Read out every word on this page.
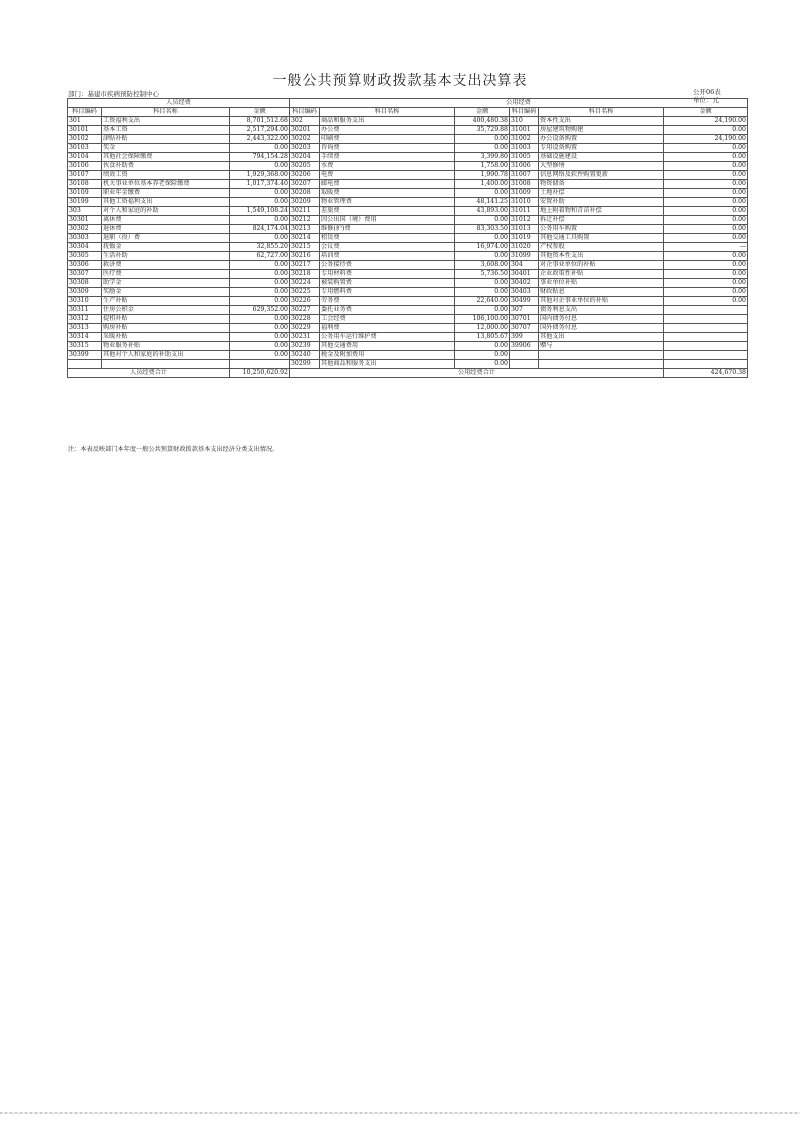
一般公共预算财政拨款基本支出决算表
部门：基建市疾病预防控制中心	公开06表
单位：元
人员经费			公用经费					
科目编码	科目名称	金额	科目编码	科目名称	金额	科目编码	科目名称	金额
301	工资福利支出	8,701,512.68	302	商品和服务支出	400,480.38	310	资本性支出	24,190.00
30101	基本工资	2,517,294.00	30201	办公费	35,729.88	31001	房屋建筑物购建	0.00
30102	津贴补贴	2,443,322.00	30202	印刷费	0.00	31002	办公设备购置	24,190.00
30103	奖金	0.00	30203	咨询费	0.00	31003	专用设备购置	0.00
30104	其他社会保障缴费	794,154.28	30204	手续费	3,399.80	31005	基础设施建设	0.00
30106	伙食补助费	0.00	30205	水费	1,758.00	31006	大型修缮	0.00
30107	绩效工资	1,929,368.00	30206	电费	1,990.78	31007	信息网络及软件购置更新	0.00
30108	机关事业单位基本养老保险缴费	1,017,374.40	30207	邮电费	1,400.00	31008	物资储备	0.00
30109	职业年金缴费	0.00	30208	取暖费	0.00	31009	土地补偿	0.00
30199	其他工资福利支出	0.00	30209	物业管理费	48,141.25	31010	安置补助	0.00
303	对个人和家庭的补助	1,549,108.24	30211	差旅费	43,893.00	31011	地上附着物和青苗补偿	0.00
30301	离休费	0.00	30212	因公出国（境）费用	0.00	31012	拆迁补偿	0.00
30302	退休费	824,174.04	30213	维修(护)费	83,303.50	31013	公务用车购置	0.00
30303	退职（役）费	0.00	30214	租赁费	0.00	31019	其他交通工具购置	0.00
30304	抚恤金	32,855.20	30215	会议费	16,974.00	31020	产权参股	—
30305	生活补助	62,727.00	30216	培训费	0.00	31099	其他资本性支出	0.00
30306	救济费	0.00	30217	公务接待费	3,608.00	304	对企事业单位的补贴	0.00
30307	医疗费	0.00	30218	专用材料费	5,736.50	30401	企业政策性补贴	0.00
30308	助学金	0.00	30224	被装购置费	0.00	30402	事业单位补贴	0.00
30309	奖励金	0.00	30225	专用燃料费	0.00	30403	财政贴息	0.00
30310	生产补贴	0.00	30226	劳务费	22,640.00	30499	其他对企事业单位的补贴	0.00
30311	住房公积金	629,352.00	30227	委托业务费	0.00	307	债务利息支出	
30312	提租补贴	0.00	30228	工会经费	106,100.00	30701	国内债务付息	
30313	购房补贴	0.00	30229	福利费	12,000.00	30707	国外债务付息	
30314	采暖补贴	0.00	30231	公务用车运行维护费	13,805.67	399	其他支出	
30315	物业服务补贴	0.00	30239	其他交通费用	0.00	39906	赠与	
30399	其他对个人和家庭的补助支出	0.00	30240	税金及附加费用	0.00			
			30299	其他商品和服务支出	0.00			
人员经费合计		10,250,620.92	公用经费合计					424,670.38
注：本表反映部门本年度一般公共预算财政拨款基本支出经济分类支出情况。
